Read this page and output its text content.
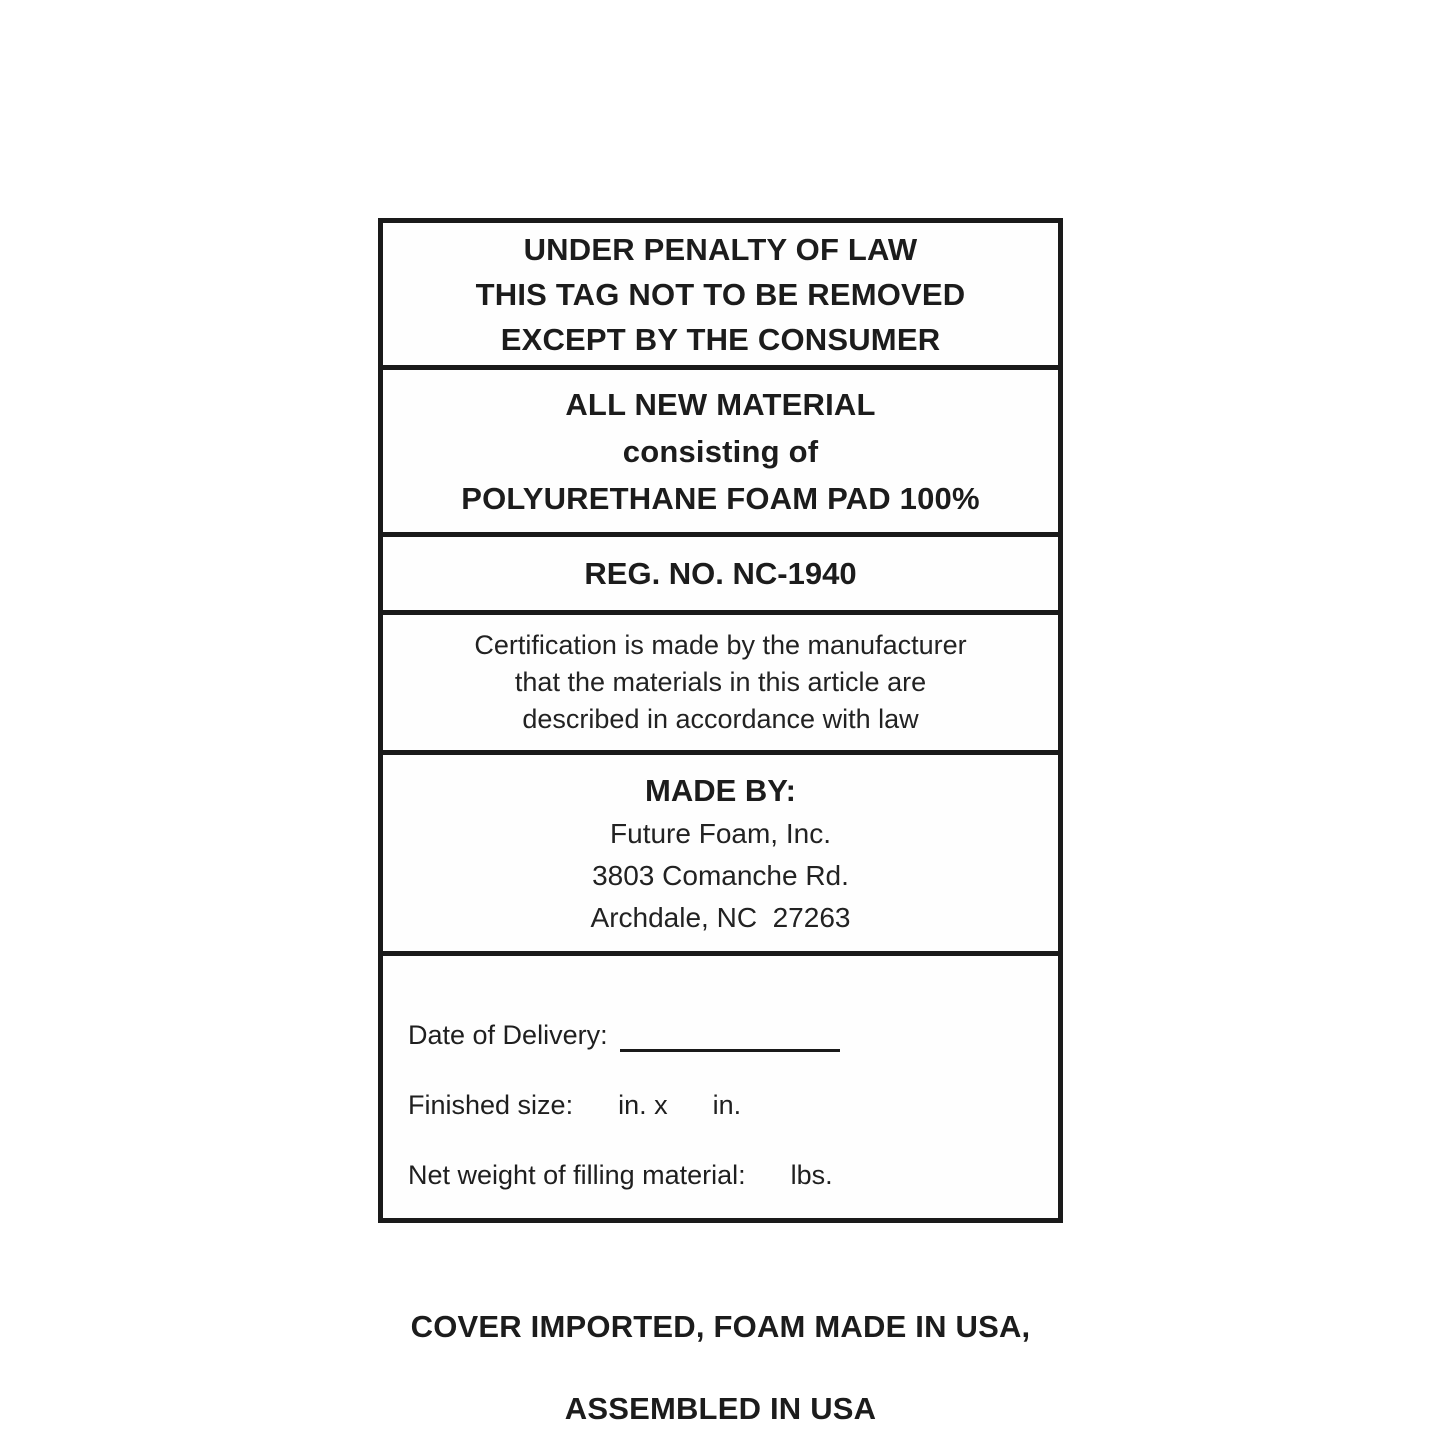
UNDER PENALTY OF LAW
THIS TAG NOT TO BE REMOVED
EXCEPT BY THE CONSUMER
ALL NEW MATERIAL
consisting of
POLYURETHANE FOAM PAD 100%
REG. NO. NC-1940
Certification is made by the manufacturer
that the materials in this article are
described in accordance with law
MADE BY:
Future Foam, Inc.
3803 Comanche Rd.
Archdale, NC  27263

Date of Delivery:

Finished size:      in. x      in.

Net weight of filling material:      lbs.

COVER IMPORTED, FOAM MADE IN USA,

ASSEMBLED IN USA
